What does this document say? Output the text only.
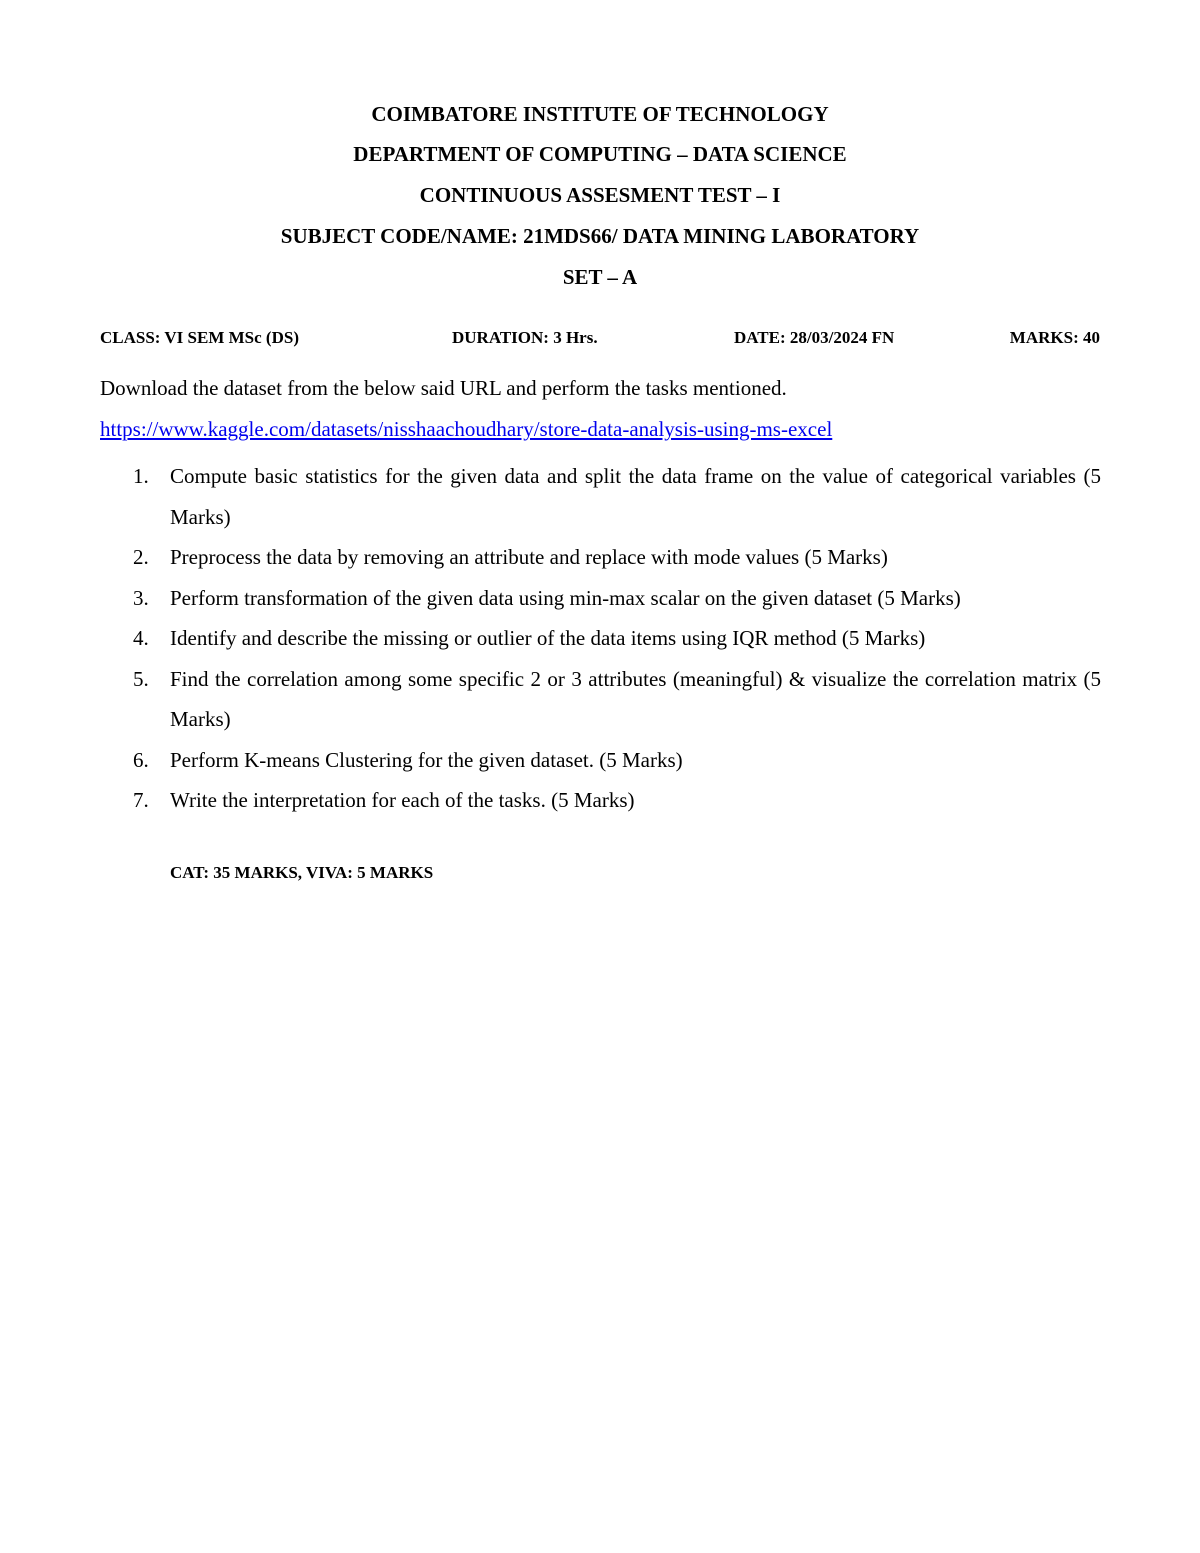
COIMBATORE INSTITUTE OF TECHNOLOGY
DEPARTMENT OF COMPUTING – DATA SCIENCE
CONTINUOUS ASSESMENT TEST – I
SUBJECT CODE/NAME: 21MDS66/ DATA MINING LABORATORY
SET – A
CLASS: VI SEM MSc (DS)	DURATION: 3 Hrs.	DATE: 28/03/2024 FN	MARKS: 40
Download the dataset from the below said URL and perform the tasks mentioned.
https://www.kaggle.com/datasets/nisshaachoudhary/store-data-analysis-using-ms-excel
1. Compute basic statistics for the given data and split the data frame on the value of categorical variables (5 Marks)
2. Preprocess the data by removing an attribute and replace with mode values (5 Marks)
3. Perform transformation of the given data using min-max scalar on the given dataset (5 Marks)
4. Identify and describe the missing or outlier of the data items using IQR method (5 Marks)
5. Find the correlation among some specific 2 or 3 attributes (meaningful) & visualize the correlation matrix (5 Marks)
6. Perform K-means Clustering for the given dataset. (5 Marks)
7. Write the interpretation for each of the tasks. (5 Marks)
CAT: 35 MARKS, VIVA: 5 MARKS
